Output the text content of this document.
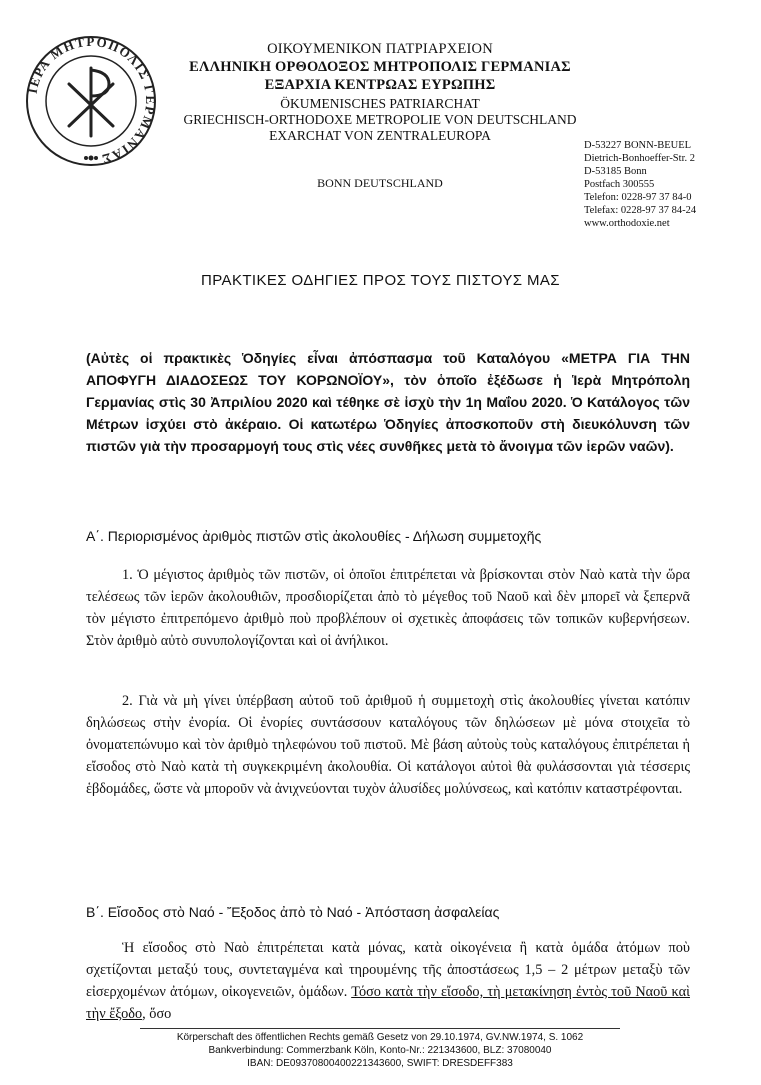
ΙΕΡΑ ΜΗΤΡΟΠΟΛΙΣ ΓΕΡΜΑΝΙΑΣ
ΟΙΚΟΥΜΕΝΙΚΟΝ ΠΑΤΡΙΑΡΧΕΙΟΝ
ΕΛΛΗΝΙΚΗ ΟΡΘΟΔΟΞΟΣ ΜΗΤΡΟΠΟΛΙΣ ΓΕΡΜΑΝΙΑΣ
ΕΞΑΡΧΙΑ ΚΕΝΤΡΩΑΣ ΕΥΡΩΠΗΣ
ÖKUMENISCHES PATRIARCHAT
GRIECHISCH-ORTHODOXE METROPOLIE VON DEUTSCHLAND
EXARCHAT VON ZENTRALEUROPA
BONN DEUTSCHLAND
D-53227 BONN-BEUEL
Dietrich-Bonhoeffer-Str. 2
D-53185 Bonn
Postfach 300555
Telefon: 0228-97 37 84-0
Telefax: 0228-97 37 84-24
www.orthodoxie.net
ΠΡΑΚΤΙΚΕΣ ΟΔΗΓΙΕΣ ΠΡΟΣ ΤΟΥΣ ΠΙΣΤΟΥΣ ΜΑΣ
(Αὐτὲς οἱ πρακτικὲς Ὁδηγίες εἶναι ἀπόσπασμα τοῦ Καταλόγου «ΜΕΤΡΑ ΓΙΑ ΤΗΝ ΑΠΟΦΥΓΗ ΔΙΑΔΟΣΕΩΣ ΤΟΥ ΚΟΡΩΝΟΪΟΥ», τὸν ὁποῖο ἐξέδωσε ἡ Ἱερὰ Μητρόπολη Γερμανίας στὶς 30 Ἀπριλίου 2020 καὶ τέθηκε σὲ ἰσχὺ τὴν 1η Μαΐου 2020. Ὁ Κατάλογος τῶν Μέτρων ἰσχύει στὸ ἀκέραιο. Οἱ κατωτέρω Ὁδηγίες ἀποσκοποῦν στὴ διευκόλυνση τῶν πιστῶν γιὰ τὴν προσαρμογή τους στὶς νέες συνθῆκες μετὰ τὸ ἄνοιγμα τῶν ἱερῶν ναῶν).
Α΄. Περιορισμένος ἀριθμὸς πιστῶν στὶς ἀκολουθίες - Δήλωση συμμετοχῆς
1. Ὁ μέγιστος ἀριθμὸς τῶν πιστῶν, οἱ ὁποῖοι ἐπιτρέπεται νὰ βρίσκονται στὸν Ναὸ κατὰ τὴν ὥρα τελέσεως τῶν ἱερῶν ἀκολουθιῶν, προσδιορίζεται ἀπὸ τὸ μέγεθος τοῦ Ναοῦ καὶ δὲν μπορεῖ νὰ ξεπερνᾶ τὸν μέγιστο ἐπιτρεπόμενο ἀριθμὸ ποὺ προβλέπουν οἱ σχετικὲς ἀποφάσεις τῶν τοπικῶν κυβερνήσεων. Στὸν ἀριθμὸ αὐτὸ συνυπολογίζονται καὶ οἱ ἀνήλικοι.
2. Γιὰ νὰ μὴ γίνει ὑπέρβαση αὐτοῦ τοῦ ἀριθμοῦ ἡ συμμετοχὴ στὶς ἀκολουθίες γίνεται κατόπιν δηλώσεως στὴν ἐνορία. Οἱ ἐνορίες συντάσσουν καταλόγους τῶν δηλώσεων μὲ μόνα στοιχεῖα τὸ ὀνοματεπώνυμο καὶ τὸν ἀριθμὸ τηλεφώνου τοῦ πιστοῦ. Μὲ βάση αὐτοὺς τοὺς καταλόγους ἐπιτρέπεται ἡ εἴσοδος στὸ Ναὸ κατὰ τὴ συγκεκριμένη ἀκολουθία. Οἱ κατάλογοι αὐτοὶ θὰ φυλάσσονται γιὰ τέσσερις ἑβδομάδες, ὥστε νὰ μποροῦν νὰ ἀνιχνεύονται τυχὸν ἁλυσίδες μολύνσεως, καὶ κατόπιν καταστρέφονται.
Β΄. Εἴσοδος στὸ Ναό - Ἔξοδος ἀπὸ τὸ Ναό - Ἀπόσταση ἀσφαλείας
Ἡ εἴσοδος στὸ Ναὸ ἐπιτρέπεται κατὰ μόνας, κατὰ οἰκογένεια ἢ κατὰ ὁμάδα ἀτόμων ποὺ σχετίζονται μεταξύ τους, συντεταγμένα καὶ τηρουμένης τῆς ἀποστάσεως 1,5 – 2 μέτρων μεταξὺ τῶν εἰσερχομένων ἀτόμων, οἰκογενειῶν, ὁμάδων. Τόσο κατὰ τὴν εἴσοδο, τὴ μετακίνηση ἐντὸς τοῦ Ναοῦ καὶ τὴν ἔξοδο, ὅσο
Körperschaft des öffentlichen Rechts gemäß Gesetz von 29.10.1974, GV.NW.1974, S. 1062
Bankverbindung: Commerzbank Köln, Konto-Nr.: 221343600, BLZ: 37080040
IBAN: DE09370800400221343600, SWIFT: DRESDEFF383
